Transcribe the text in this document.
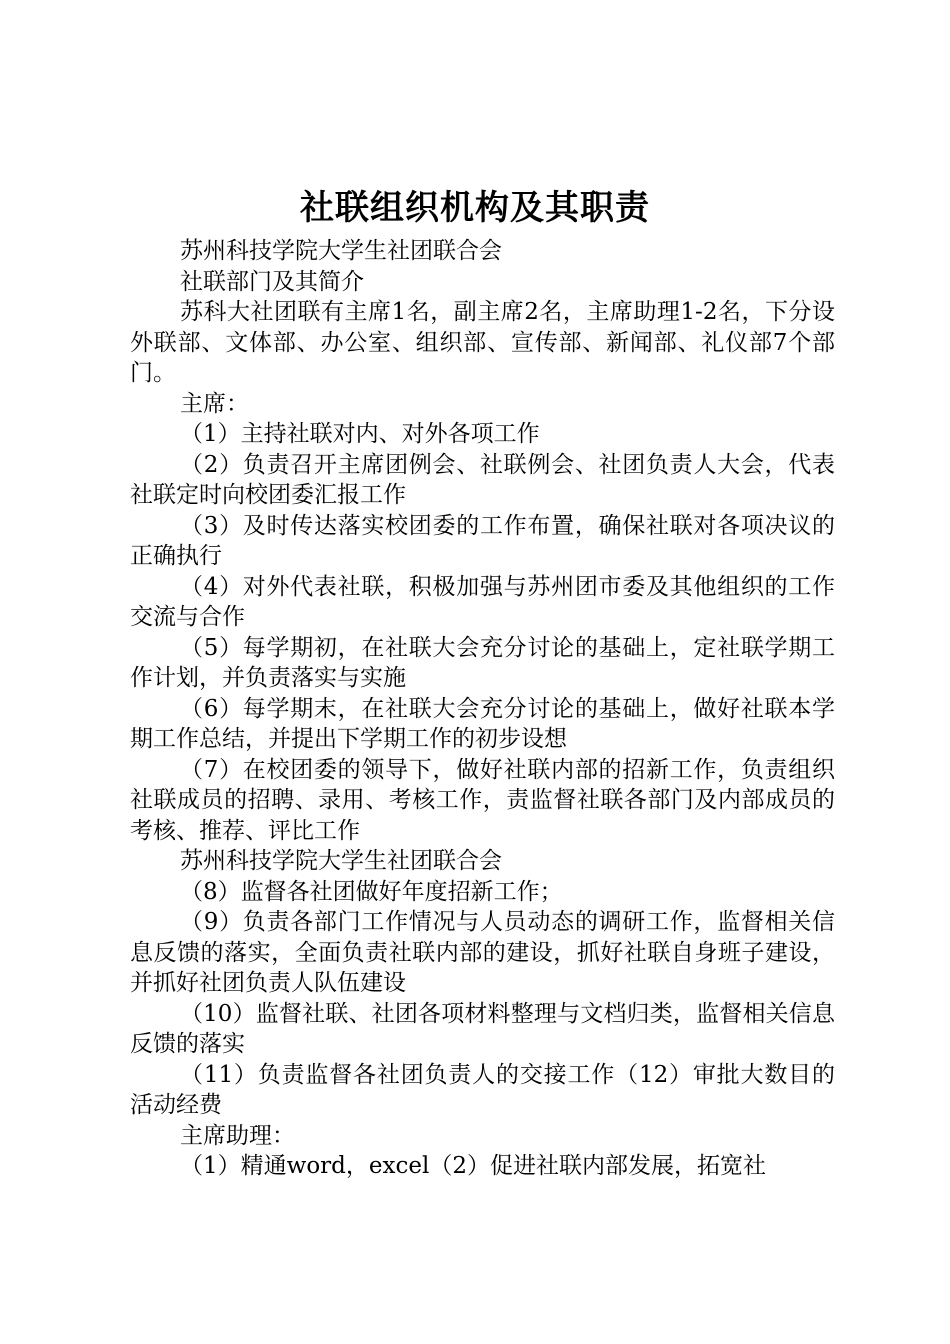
社联组织机构及其职责

苏州科技学院大学生社团联合会

社联部门及其简介

苏科大社团联有主席1名，副主席2名，主席助理1-2名，下分设外联部、文体部、办公室、组织部、宣传部、新闻部、礼仪部7个部门。

主席：

（1）主持社联对内、对外各项工作

（2）负责召开主席团例会、社联例会、社团负责人大会，代表社联定时向校团委汇报工作

（3）及时传达落实校团委的工作布置，确保社联对各项决议的正确执行

（4）对外代表社联，积极加强与苏州团市委及其他组织的工作交流与合作

（5）每学期初，在社联大会充分讨论的基础上，定社联学期工作计划，并负责落实与实施

（6）每学期末，在社联大会充分讨论的基础上，做好社联本学期工作总结，并提出下学期工作的初步设想

（7）在校团委的领导下，做好社联内部的招新工作，负责组织社联成员的招聘、录用、考核工作，责监督社联各部门及内部成员的考核、推荐、评比工作

苏州科技学院大学生社团联合会

（8）监督各社团做好年度招新工作；

（9）负责各部门工作情况与人员动态的调研工作，监督相关信息反馈的落实，全面负责社联内部的建设，抓好社联自身班子建设，并抓好社团负责人队伍建设

（10）监督社联、社团各项材料整理与文档归类，监督相关信息反馈的落实

（11）负责监督各社团负责人的交接工作（12）审批大数目的活动经费

主席助理：

（1）精通word，excel（2）促进社联内部发展，拓宽社
